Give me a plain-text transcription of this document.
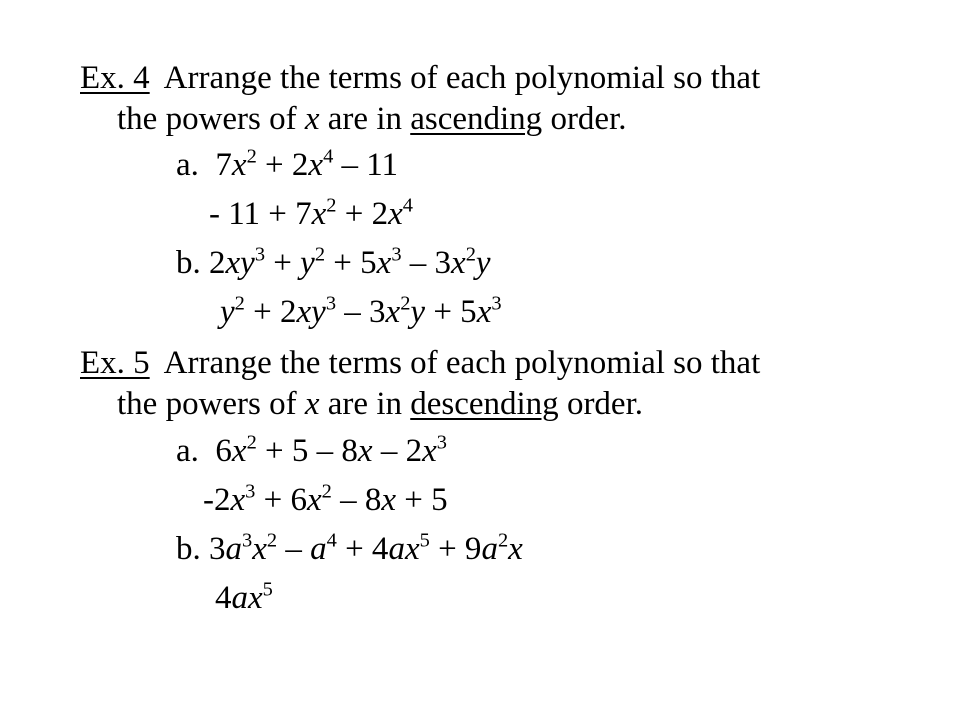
Ex. 4 Arrange the terms of each polynomial so that
the powers of x are in ascending order.
a. $7x^2 + 2x^4 - 11$
- $11 + 7x^2 + 2x^4$
b. $2xy^3 + y^2 + 5x^3 - 3x^2y$
$y^2 + 2xy^3 - 3x^2y + 5x^3$
Ex. 5 Arrange the terms of each polynomial so that
the powers of x are in descending order.
a. $6x^2 + 5 - 8x - 2x^3$
$-2x^3 + 6x^2 - 8x + 5$
b. $3a^3x^2 - a^4 + 4ax^5 + 9a^2x$
$4ax^5$
